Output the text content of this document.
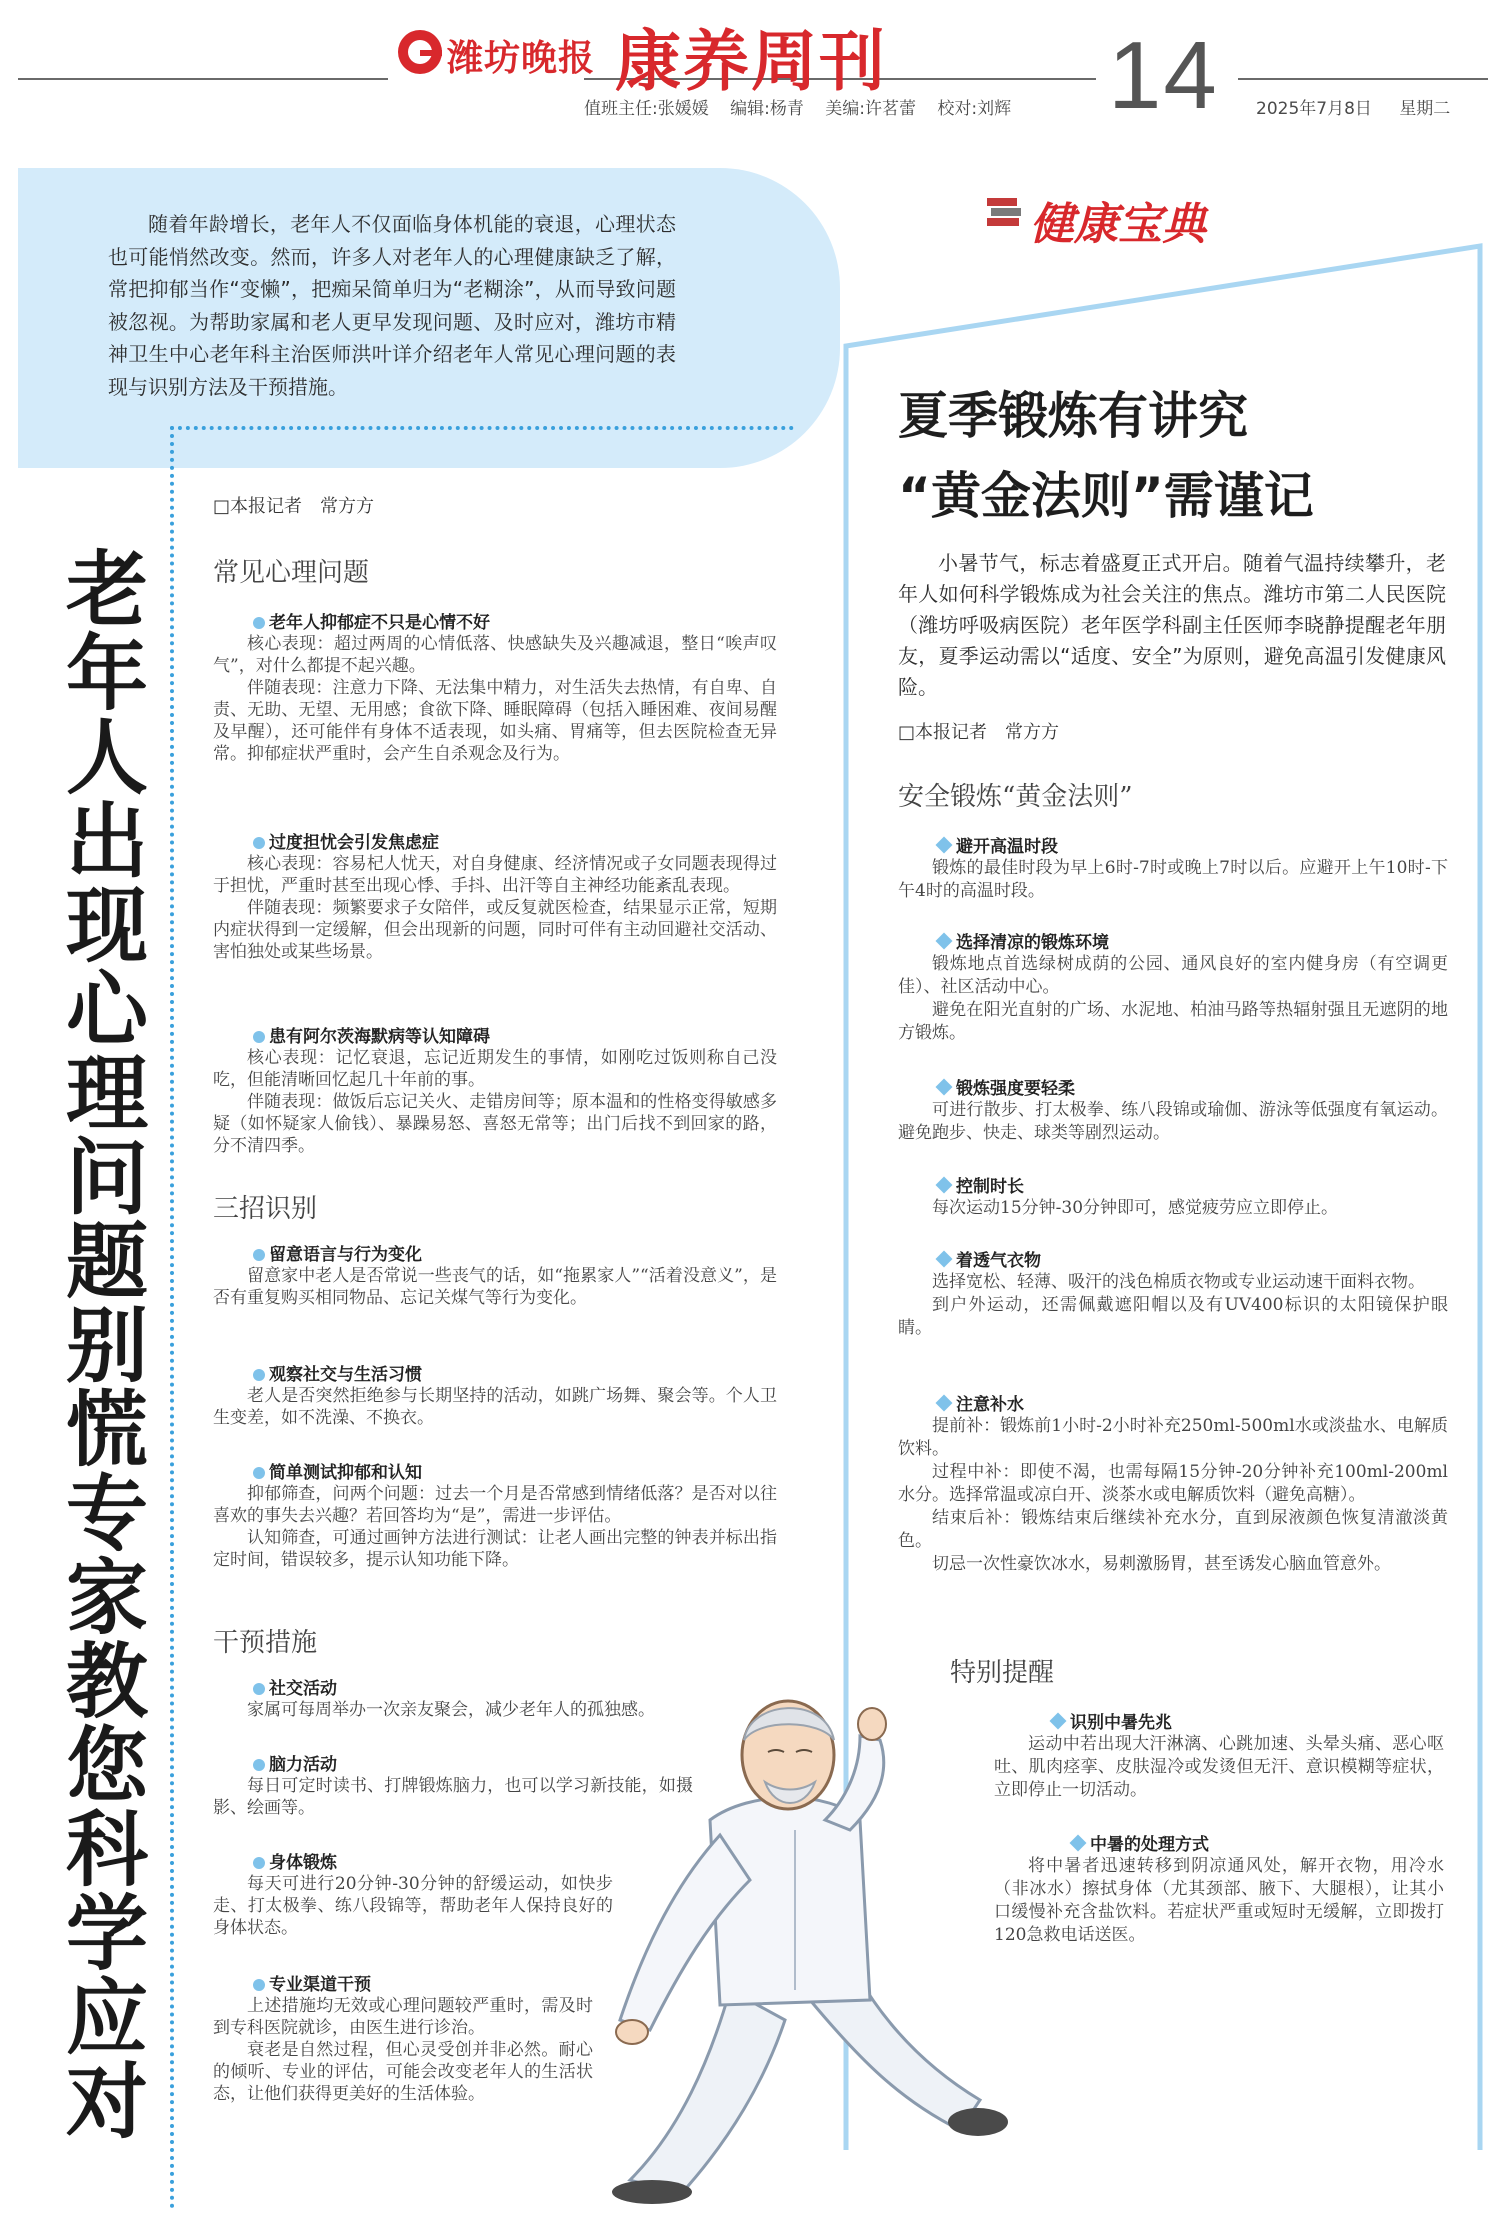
潍坊晚报 康养周刊
值班主任:张媛媛 编辑:杨青 美编:许茗蕾 校对:刘辉 14 2025年7月8日 星期二
随着年龄增长，老年人不仅面临身体机能的衰退，心理状态也可能悄然改变。然而，许多人对老年人的心理健康缺乏了解，常把抑郁当作“变懒”，把痴呆简单归为“老糊涂”，从而导致问题被忽视。为帮助家属和老人更早发现问题、及时应对，潍坊市精神卫生中心老年科主治医师洪叶详介绍老年人常见心理问题的表现与识别方法及干预措施。
老年人出现心理问题别慌 专家教您科学应对
□本报记者　常方方
常见心理问题
老年人抑郁症不只是心情不好
核心表现：超过两周的心情低落、快感缺失及兴趣减退，整日“唉声叹气”，对什么都提不起兴趣。
伴随表现：注意力下降、无法集中精力，对生活失去热情，有自卑、自责、无助、无望、无用感；食欲下降、睡眠障碍（包括入睡困难、夜间易醒及早醒），还可能伴有身体不适表现，如头痛、胃痛等，但去医院检查无异常。抑郁症状严重时，会产生自杀观念及行为。
过度担忧会引发焦虑症
核心表现：容易杞人忧天，对自身健康、经济情况或子女同题表现得过于担忧，严重时甚至出现心悸、手抖、出汗等自主神经功能紊乱表现。
伴随表现：频繁要求子女陪伴，或反复就医检查，结果显示正常，短期内症状得到一定缓解，但会出现新的问题，同时可伴有主动回避社交活动、害怕独处或某些场景。
患有阿尔茨海默病等认知障碍
核心表现：记忆衰退，忘记近期发生的事情，如刚吃过饭则称自己没吃，但能清晰回忆起几十年前的事。
伴随表现：做饭后忘记关火、走错房间等；原本温和的性格变得敏感多疑（如怀疑家人偷钱）、暴躁易怒、喜怒无常等；出门后找不到回家的路，分不清四季。
三招识别
留意语言与行为变化
留意家中老人是否常说一些丧气的话，如“拖累家人”“活着没意义”，是否有重复购买相同物品、忘记关煤气等行为变化。
观察社交与生活习惯
老人是否突然拒绝参与长期坚持的活动，如跳广场舞、聚会等。个人卫生变差，如不洗澡、不换衣。
简单测试抑郁和认知
抑郁筛查，问两个问题：过去一个月是否常感到情绪低落？是否对以往喜欢的事失去兴趣？若回答均为“是”，需进一步评估。
认知筛查，可通过画钟方法进行测试：让老人画出完整的钟表并标出指定时间，错误较多，提示认知功能下降。
干预措施
社交活动
家属可每周举办一次亲友聚会，减少老年人的孤独感。
脑力活动
每日可定时读书、打牌锻炼脑力，也可以学习新技能，如摄影、绘画等。
身体锻炼
每天可进行20分钟-30分钟的舒缓运动，如快步走、打太极拳、练八段锦等，帮助老年人保持良好的身体状态。
专业渠道干预
上述措施均无效或心理问题较严重时，需及时到专科医院就诊，由医生进行诊治。
衰老是自然过程，但心灵受创并非必然。耐心的倾听、专业的评估，可能会改变老年人的生活状态，让他们获得更美好的生活体验。
健康宝典
夏季锻炼有讲究
“黄金法则”需谨记
小暑节气，标志着盛夏正式开启。随着气温持续攀升，老年人如何科学锻炼成为社会关注的焦点。潍坊市第二人民医院（潍坊呼吸病医院）老年医学科副主任医师李晓静提醒老年朋友，夏季运动需以“适度、安全”为原则，避免高温引发健康风险。
□本报记者　常方方
安全锻炼“黄金法则”
避开高温时段
锻炼的最佳时段为早上6时-7时或晚上7时以后。应避开上午10时-下午4时的高温时段。
选择清凉的锻炼环境
锻炼地点首选绿树成荫的公园、通风良好的室内健身房（有空调更佳）、社区活动中心。
避免在阳光直射的广场、水泥地、柏油马路等热辐射强且无遮阴的地方锻炼。
锻炼强度要轻柔
可进行散步、打太极拳、练八段锦或瑜伽、游泳等低强度有氧运动。避免跑步、快走、球类等剧烈运动。
控制时长
每次运动15分钟-30分钟即可，感觉疲劳应立即停止。
着透气衣物
选择宽松、轻薄、吸汗的浅色棉质衣物或专业运动速干面料衣物。
到户外运动，还需佩戴遮阳帽以及有UV400标识的太阳镜保护眼睛。
注意补水
提前补：锻炼前1小时-2小时补充250ml-500ml水或淡盐水、电解质饮料。
过程中补：即使不渴，也需每隔15分钟-20分钟补充100ml-200ml水分。选择常温或凉白开、淡茶水或电解质饮料（避免高糖）。
结束后补：锻炼结束后继续补充水分，直到尿液颜色恢复清澈淡黄色。
切忌一次性豪饮冰水，易刺激肠胃，甚至诱发心脑血管意外。
特别提醒
识别中暑先兆
运动中若出现大汗淋漓、心跳加速、头晕头痛、恶心呕吐、肌肉痉挛、皮肤湿冷或发烫但无汗、意识模糊等症状，立即停止一切活动。
中暑的处理方式
将中暑者迅速转移到阴凉通风处，解开衣物，用冷水（非冰水）擦拭身体（尤其颈部、腋下、大腿根），让其小口缓慢补充含盐饮料。若症状严重或短时无缓解，立即拨打120急救电话送医。
